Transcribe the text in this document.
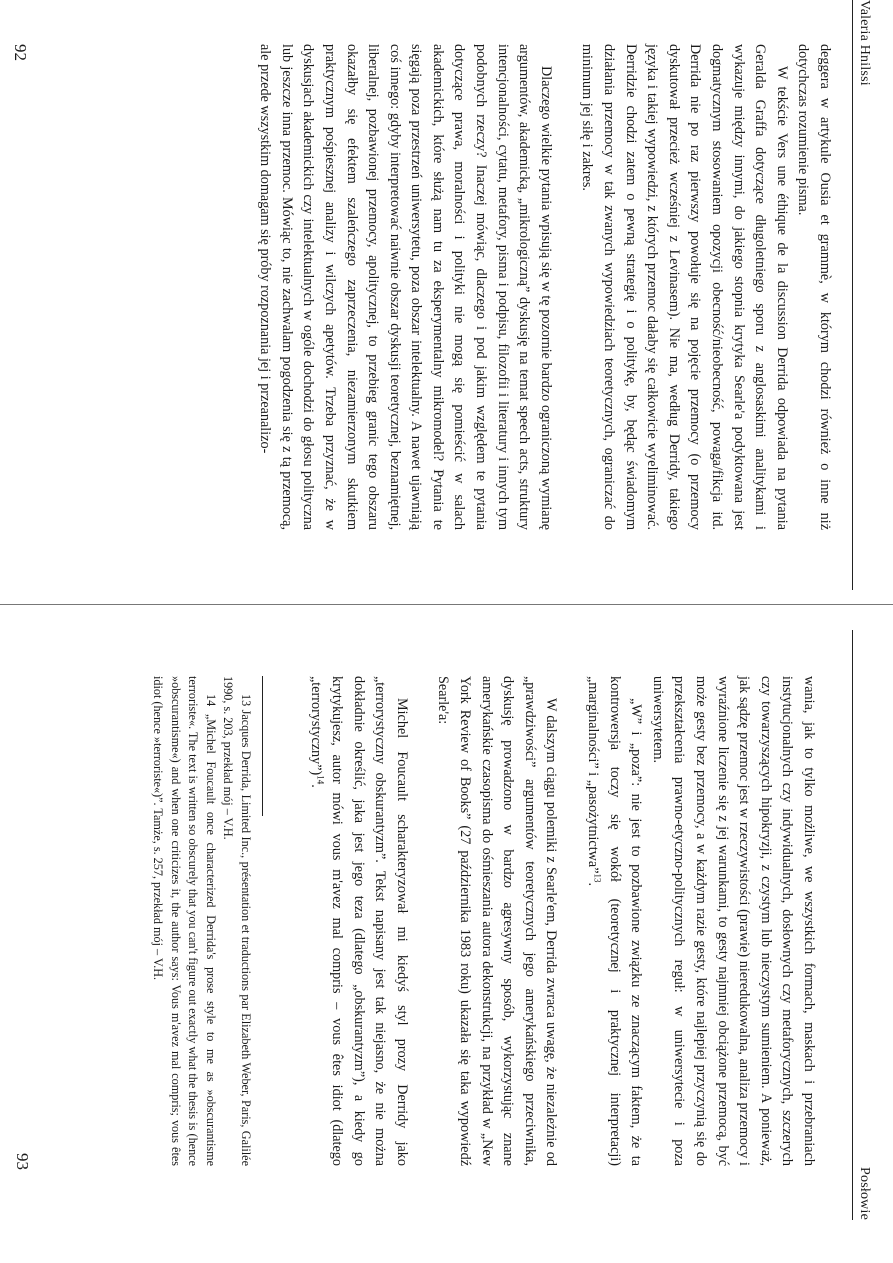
Valeria Hnilssi

deggera w artykule Ousia et grammè, w którym chodzi również o inne niż dotychczas rozumienie pisma.

W tekście Vers une éthique de la discussion Derrida odpowiada na pytania Geralda Graffa dotyczące długoletniego sporu z anglosaskimi analitykami i wykazuje między innymi, do jakiego stopnia krytyka Searle'a podyktowana jest dogmatycznym stosowaniem opozycji obecność/nieobecność, powaga/fikcja itd. Derrida nie po raz pierwszy powołuje się na pojęcie przemocy (o przemocy dyskutował przecież wcześniej z Levinasem). Nie ma, według Derridy, takiego języka i takiej wypowiedzi, z których przemoc dałaby się całkowicie wyeliminować. Derridzie chodzi zatem o pewną strategię i o politykę, by, będąc świadomym działania przemocy w tak zwanych wypowiedziach teoretycznych, ograniczać do minimum jej siłę i zakres.

Dlaczego wielkie pytania wpisują się w tę pozornie bardzo ograniczoną wymianę argumentów, akademicką, „mikrologiczną” dyskusję na temat speech acts, struktury intencjonalności, cytatu, metafory, pisma i podpisu, filozofii i literatury i innych tym podobnych rzeczy? Inaczej mówiąc, dlaczego i pod jakim względem te pytania dotyczące prawa, moralności i polityki nie mogą się pomieścić w salach akademickich, które służą nam tu za eksperymentalny mikromodel? Pytania te sięgają poza przestrzeń uniwersytetu, poza obszar intelektualny. A nawet ujawniają coś innego: gdyby interpretować naiwnie obszar dyskusji teoretycznej, beznamiętnej, liberalnej, pozbawionej przemocy, apolitycznej, to przebieg granic tego obszaru okazałby się efektem szaleńczego zaprzeczenia, niezamierzonym skutkiem praktycznym pośpiesznej analizy i wilczych apetytów. Trzeba przyznać, że w dyskusjach akademickich czy intelektualnych w ogóle dochodzi do głosu polityczna lub jeszcze inna przemoc. Mówiąc to, nie zachwalam pogodzenia się z tą przemocą, ale przede wszystkim domagam się próby rozpoznania jej i przeanalizo-

92
Posłowie

wania, jak to tylko możliwe, we wszystkich formach, maskach i przebraniach instytucjonalnych czy indywidualnych, dosłownych czy metaforycznych, szczerych czy towarzyszących hipokryzji, z czystym lub nieczystym sumieniem. A ponieważ, jak sądzę przemoc jest w rzeczywistości (prawie) nieredukowalna, analiza przemocy i wyraźnione liczenie się z jej warunkami, to gesty najmniej obciążone przemocą, być może gesty bez przemocy, a w każdym razie gesty, które najlepiej przyczynią się do przekształcenia prawno-etyczno-politycznych reguł: w uniwersytecie i poza uniwersytetem.

„W” i „poza”: nie jest to pozbawione związku ze znaczącym faktem, że ta kontrowersja toczy się wokół (teoretycznej i praktycznej interpretacji) „marginalności” i „pasożytnictwa”$^{13}$.

W dalszym ciągu polemiki z Searle'em, Derrida zwraca uwagę, że niezależnie od „prawdziwości” argumentów teoretycznych jego amerykańskiego przeciwnika, dyskusję prowadzono w bardzo agresywny sposób, wykorzystując znane amerykańskie czasopisma do ośmieszania autora dekonstrukcji, na przykład w „New York Review of Books” (27 października 1983 roku) ukazała się taka wypowiedź Searle'a:

Michel Foucault scharakteryzował mi kiedyś styl prozy Derridy jako „terrorystyczny obskurantyzm”. Tekst napisany jest tak niejasno, że nie można dokładnie określić, jaka jest jego teza (dlatego „obskurantyzm”), a kiedy go krytykujesz, autor mówi vous m'avez mal compris – vous êtes idiot (dlatego „terrorystyczny”)$^{14}$.

13 Jacques Derrida, Limited Inc., présentation et traductions par Elizabeth Weber, Paris, Galilée 1990, s. 203, przekład mój – V.H.

14 „Michel Foucault once characterized Derrida's prose style to me as »obscurantisme terroriste«. The text is written so obscurely that you can't figure out exactly what the thesis is (hence »obscurantisme«) and when one criticizes it, the author says: Vous m'avez mal compris; vous êtes idiot (hence »terroriste«)”. Tamże, s. 257, przekład mój – V.H.

93
